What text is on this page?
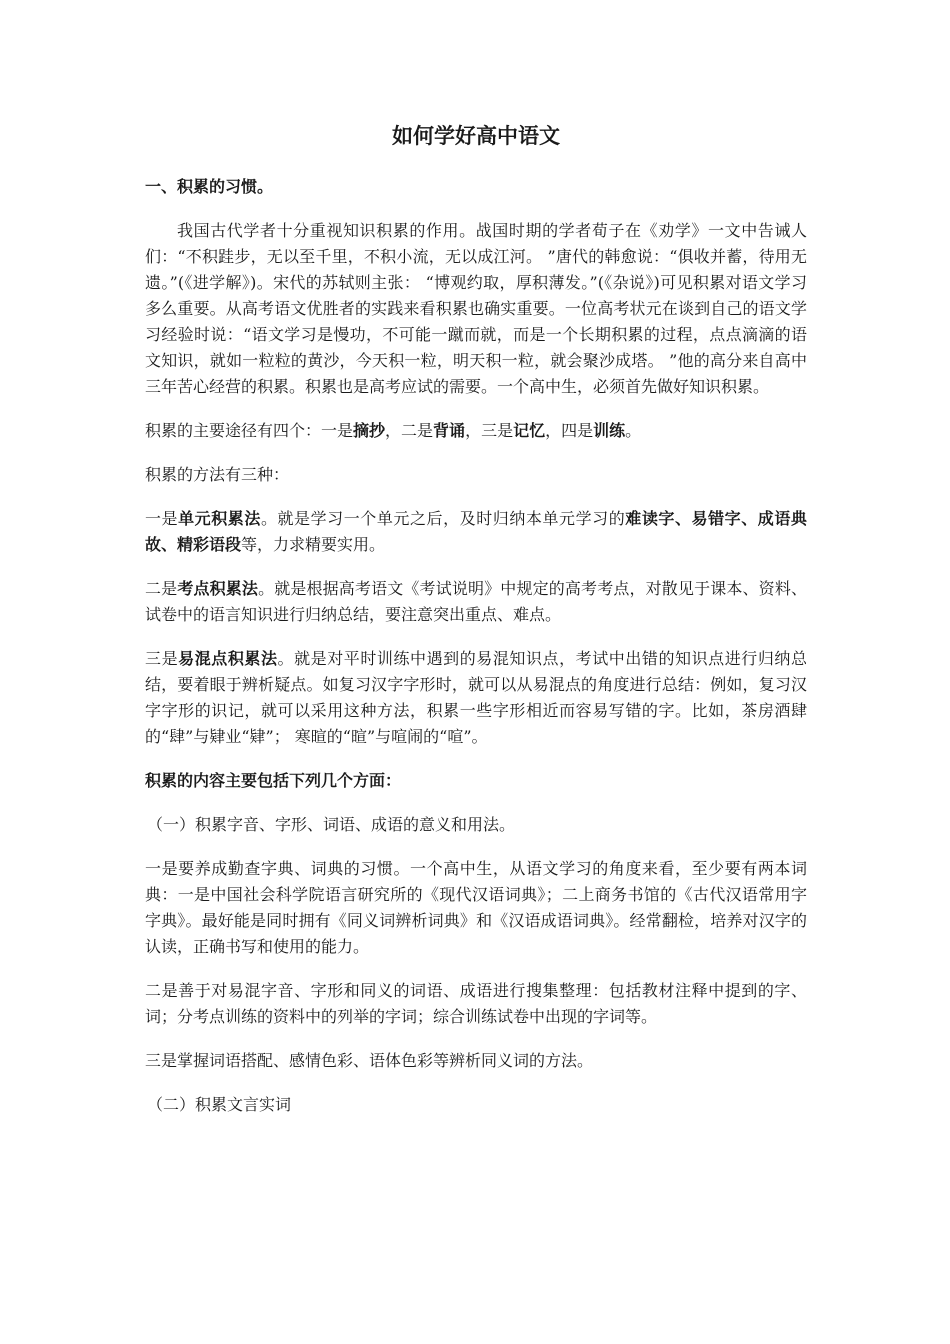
如何学好高中语文
一、积累的习惯。

我国古代学者十分重视知识积累的作用。战国时期的学者荀子在《劝学》一文中告诫人们：“不积跬步，无以至千里，不积小流，无以成江河。 ”唐代的韩愈说：“俱收并蓄，待用无遗。”(《进学解》)。宋代的苏轼则主张： “博观约取，厚积薄发。”(《杂说》)可见积累对语文学习多么重要。从高考语文优胜者的实践来看积累也确实重要。一位高考状元在谈到自己的语文学习经验时说：“语文学习是慢功，不可能一蹴而就，而是一个长期积累的过程，点点滴滴的语文知识，就如一粒粒的黄沙，今天积一粒，明天积一粒，就会聚沙成塔。 ”他的高分来自高中三年苦心经营的积累。积累也是高考应试的需要。一个高中生，必须首先做好知识积累。

积累的主要途径有四个：一是摘抄，二是背诵，三是记忆，四是训练。

积累的方法有三种：

一是单元积累法。就是学习一个单元之后，及时归纳本单元学习的难读字、易错字、成语典故、精彩语段等，力求精要实用。

二是考点积累法。就是根据高考语文《考试说明》中规定的高考考点，对散见于课本、资料、试卷中的语言知识进行归纳总结，要注意突出重点、难点。

三是易混点积累法。就是对平时训练中遇到的易混知识点，考试中出错的知识点进行归纳总结，要着眼于辨析疑点。如复习汉字字形时，就可以从易混点的角度进行总结：例如，复习汉字字形的识记，就可以采用这种方法，积累一些字形相近而容易写错的字。比如，茶房酒肆的“肆”与肄业“肄”； 寒暄的“暄”与喧闹的“喧”。

积累的内容主要包括下列几个方面：

（一）积累字音、字形、词语、成语的意义和用法。

一是要养成勤查字典、词典的习惯。一个高中生，从语文学习的角度来看，至少要有两本词典：一是中国社会科学院语言研究所的《现代汉语词典》；二上商务书馆的《古代汉语常用字字典》。最好能是同时拥有《同义词辨析词典》和《汉语成语词典》。经常翻检，培养对汉字的认读，正确书写和使用的能力。

二是善于对易混字音、字形和同义的词语、成语进行搜集整理：包括教材注释中提到的字、词；分考点训练的资料中的列举的字词；综合训练试卷中出现的字词等。

三是掌握词语搭配、感情色彩、语体色彩等辨析同义词的方法。

（二）积累文言实词
